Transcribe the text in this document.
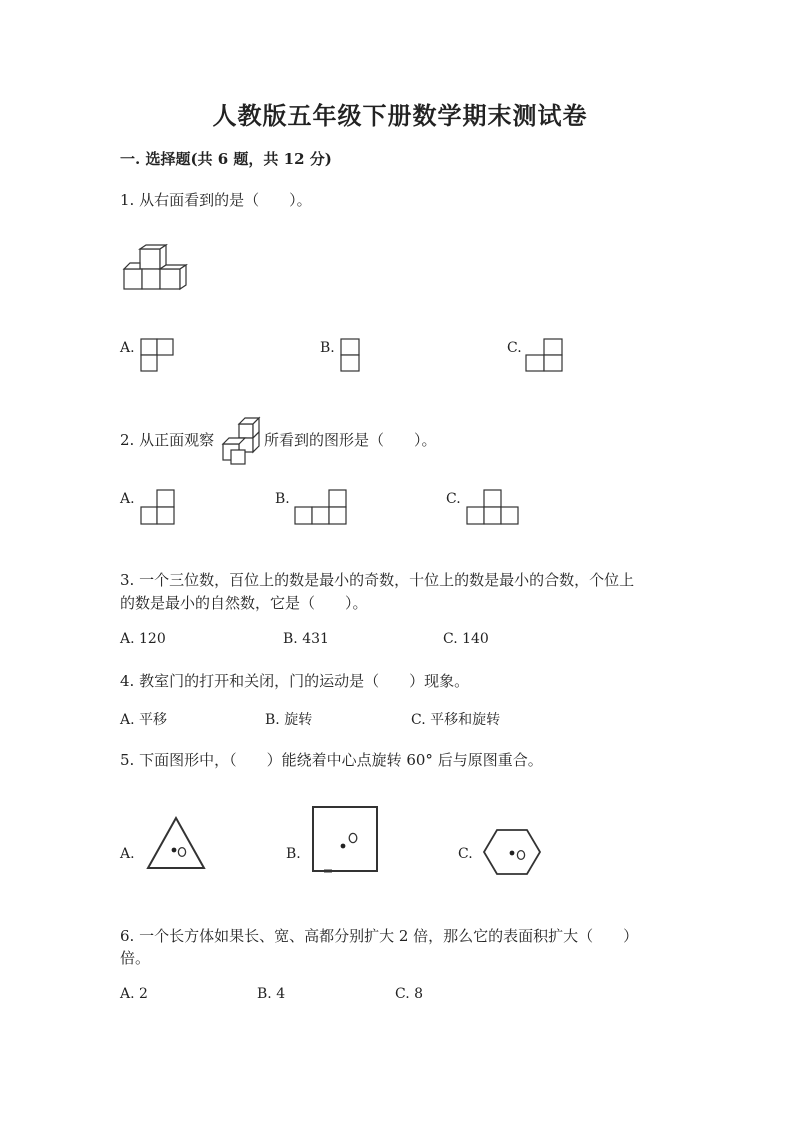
人教版五年级下册数学期末测试卷
一. 选择题(共 6 题，共 12 分)
1. 从右面看到的是（　　）。
A.	B.	C.
2. 从正面观察	所看到的图形是（　　）。
A.	B.	C.
3. 一个三位数，百位上的数是最小的奇数，十位上的数是最小的合数，个位上
的数是最小的自然数，它是（　　）。
A. 120	B. 431	C. 140
4. 教室门的打开和关闭，门的运动是（　　）现象。
A. 平移	B. 旋转	C. 平移和旋转
5. 下面图形中，（　　）能绕着中心点旋转 60° 后与原图重合。
A.	B.	C.
6. 一个长方体如果长、宽、高都分别扩大 2 倍，那么它的表面积扩大（　　）
倍。
A. 2	B. 4	C. 8
